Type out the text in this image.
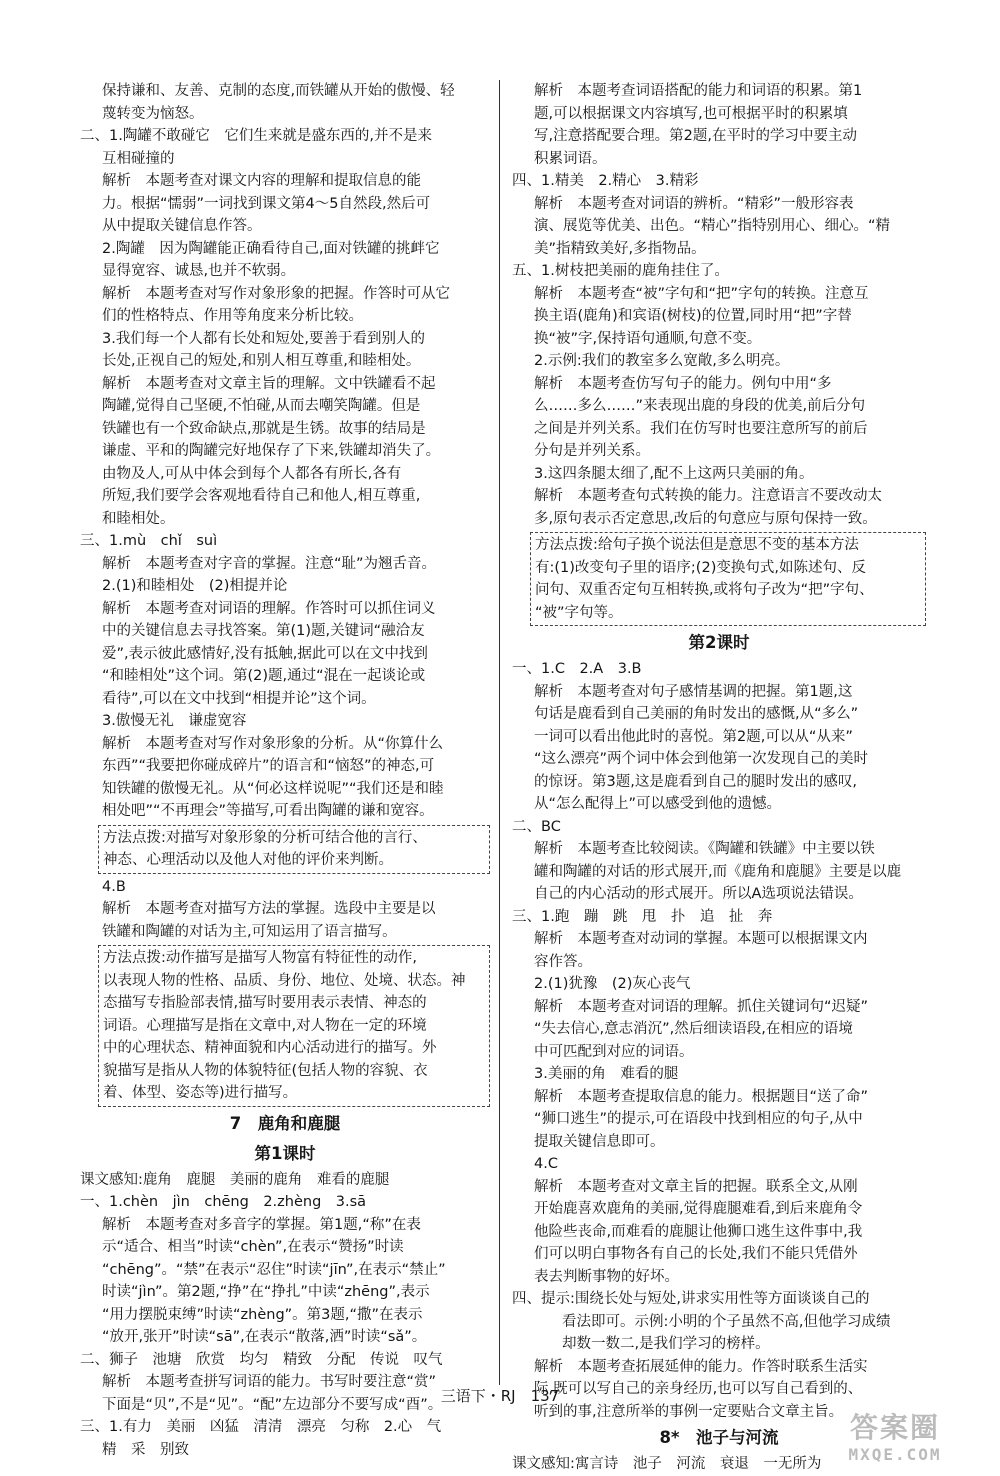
保持谦和、友善、克制的态度,而铁罐从开始的傲慢、轻
蔑转变为恼怒。
二、1.陶罐不敢碰它　它们生来就是盛东西的,并不是来
互相碰撞的
解析　本题考查对课文内容的理解和提取信息的能
力。根据“懦弱”一词找到课文第4～5自然段,然后可
从中提取关键信息作答。
2.陶罐　因为陶罐能正确看待自己,面对铁罐的挑衅它
显得宽容、诚恳,也并不软弱。
解析　本题考查对写作对象形象的把握。作答时可从它
们的性格特点、作用等角度来分析比较。
3.我们每一个人都有长处和短处,要善于看到别人的
长处,正视自己的短处,和别人相互尊重,和睦相处。
解析　本题考查对文章主旨的理解。文中铁罐看不起
陶罐,觉得自己坚硬,不怕碰,从而去嘲笑陶罐。但是
铁罐也有一个致命缺点,那就是生锈。故事的结局是
谦虚、平和的陶罐完好地保存了下来,铁罐却消失了。
由物及人,可从中体会到每个人都各有所长,各有
所短,我们要学会客观地看待自己和他人,相互尊重,
和睦相处。
三、1.mù　chǐ　suì
解析　本题考查对字音的掌握。注意“耻”为翘舌音。
2.(1)和睦相处　(2)相提并论
解析　本题考查对词语的理解。作答时可以抓住词义
中的关键信息去寻找答案。第(1)题,关键词“融洽友
爱”,表示彼此感情好,没有抵触,据此可以在文中找到
“和睦相处”这个词。第(2)题,通过“混在一起谈论或
看待”,可以在文中找到“相提并论”这个词。
3.傲慢无礼　谦虚宽容
解析　本题考查对写作对象形象的分析。从“你算什么
东西”“我要把你碰成碎片”的语言和“恼怒”的神态,可
知铁罐的傲慢无礼。从“何必这样说呢”“我们还是和睦
相处吧”“不再理会”等描写,可看出陶罐的谦和宽容。
方法点拨:对描写对象形象的分析可结合他的言行、
神态、心理活动以及他人对他的评价来判断。
4.B
解析　本题考查对描写方法的掌握。选段中主要是以
铁罐和陶罐的对话为主,可知运用了语言描写。
方法点拨:动作描写是描写人物富有特征性的动作,
以表现人物的性格、品质、身份、地位、处境、状态。神
态描写专指脸部表情,描写时要用表示表情、神态的
词语。心理描写是指在文章中,对人物在一定的环境
中的心理状态、精神面貌和内心活动进行的描写。外
貌描写是指从人物的体貌特征(包括人物的容貌、衣
着、体型、姿态等)进行描写。
7　鹿角和鹿腿
第1课时
课文感知:鹿角　鹿腿　美丽的鹿角　难看的鹿腿
一、1.chèn　jìn　chēng　2.zhèng　3.sā
解析　本题考查对多音字的掌握。第1题,“称”在表
示“适合、相当”时读“chèn”,在表示“赞扬”时读
“chēng”。“禁”在表示“忍住”时读“jīn”,在表示“禁止”
时读“jìn”。第2题,“挣”在“挣扎”中读“zhēng”,表示
“用力摆脱束缚”时读“zhèng”。第3题,“撒”在表示
“放开,张开”时读“sā”,在表示“散落,洒”时读“sǎ”。
二、狮子　池塘　欣赏　均匀　精致　分配　传说　叹气
解析　本题考查拼写词语的能力。书写时要注意“赏”
下面是“贝”,不是“见”。“配”左边部分不要写成“酉”。
三、1.有力　美丽　凶猛　清清　漂亮　匀称　2.心　气
精　采　别致
解析　本题考查词语搭配的能力和词语的积累。第1
题,可以根据课文内容填写,也可根据平时的积累填
写,注意搭配要合理。第2题,在平时的学习中要主动
积累词语。
四、1.精美　2.精心　3.精彩
解析　本题考查对词语的辨析。“精彩”一般形容表
演、展览等优美、出色。“精心”指特别用心、细心。“精
美”指精致美好,多指物品。
五、1.树枝把美丽的鹿角挂住了。
解析　本题考查“被”字句和“把”字句的转换。注意互
换主语(鹿角)和宾语(树枝)的位置,同时用“把”字替
换“被”字,保持语句通顺,句意不变。
2.示例:我们的教室多么宽敞,多么明亮。
解析　本题考查仿写句子的能力。例句中用“多
么……多么……”来表现出鹿的身段的优美,前后分句
之间是并列关系。我们在仿写时也要注意所写的前后
分句是并列关系。
3.这四条腿太细了,配不上这两只美丽的角。
解析　本题考查句式转换的能力。注意语言不要改动太
多,原句表示否定意思,改后的句意应与原句保持一致。
方法点拨:给句子换个说法但是意思不变的基本方法
有:(1)改变句子里的语序;(2)变换句式,如陈述句、反
问句、双重否定句互相转换,或将句子改为“把”字句、
“被”字句等。
第2课时
一、1.C　2.A　3.B
解析　本题考查对句子感情基调的把握。第1题,这
句话是鹿看到自己美丽的角时发出的感慨,从“多么”
一词可以看出他此时的喜悦。第2题,可以从“从来”
“这么漂亮”两个词中体会到他第一次发现自己的美时
的惊讶。第3题,这是鹿看到自己的腿时发出的感叹,
从“怎么配得上”可以感受到他的遗憾。
二、BC
解析　本题考查比较阅读。《陶罐和铁罐》中主要以铁
罐和陶罐的对话的形式展开,而《鹿角和鹿腿》主要是以鹿
自己的内心活动的形式展开。所以A选项说法错误。
三、1.跑　蹦　跳　甩　扑　追　扯　奔
解析　本题考查对动词的掌握。本题可以根据课文内
容作答。
2.(1)犹豫　(2)灰心丧气
解析　本题考查对词语的理解。抓住关键词句“迟疑”
“失去信心,意志消沉”,然后细读语段,在相应的语境
中可匹配到对应的词语。
3.美丽的角　难看的腿
解析　本题考查提取信息的能力。根据题目“送了命”
“狮口逃生”的提示,可在语段中找到相应的句子,从中
提取关键信息即可。
4.C
解析　本题考查对文章主旨的把握。联系全文,从刚
开始鹿喜欢鹿角的美丽,觉得鹿腿难看,到后来鹿角令
他险些丧命,而难看的鹿腿让他狮口逃生这件事中,我
们可以明白事物各有自己的长处,我们不能只凭借外
表去判断事物的好坏。
四、提示:围绕长处与短处,讲求实用性等方面谈谈自己的
看法即可。示例:小明的个子虽然不高,但他学习成绩
却数一数二,是我们学习的榜样。
解析　本题考查拓展延伸的能力。作答时联系生活实
际,既可以写自己的亲身经历,也可以写自己看到的、
听到的事,注意所举的事例一定要贴合文章主旨。
8*　池子与河流
课文感知:寓言诗　池子　河流　衰退　一无所为
三语下・RJ　137
答案圈
MXQE.COM
